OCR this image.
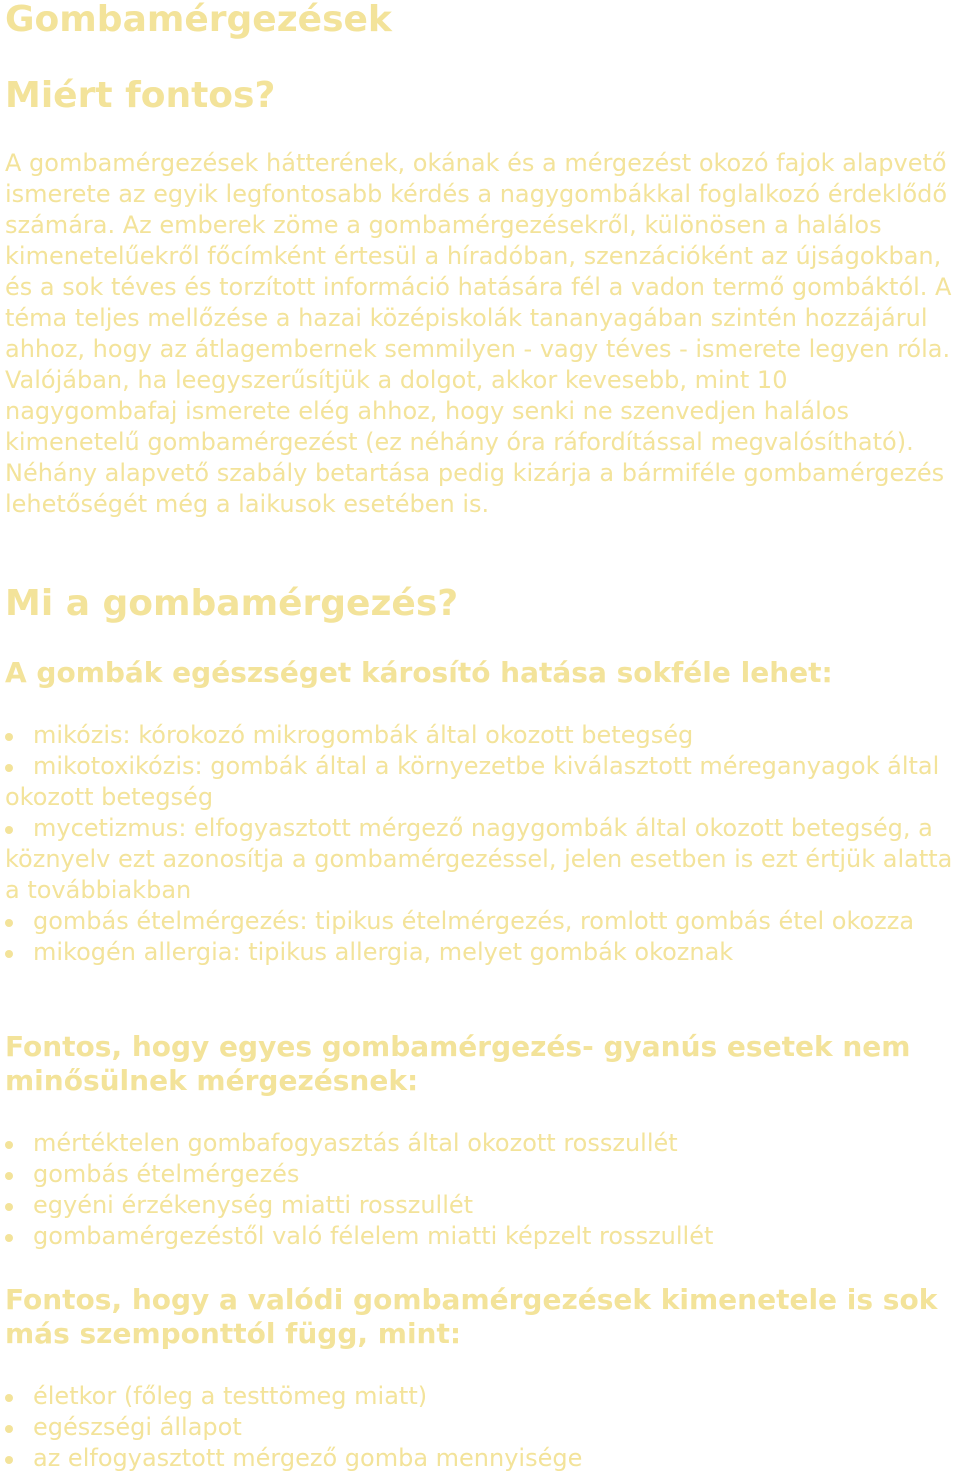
Gombamérgezések
Miért fontos?

A gombamérgezések hátterének, okának és a mérgezést okozó fajok alapvető ismerete az egyik legfontosabb kérdés a nagygombákkal foglalkozó érdeklődő számára. Az emberek zöme a gombamérgezésekről, különösen a halálos kimenetelűekről főcímként értesül a híradóban, szenzációként az újságokban, és a sok téves és torzított információ hatására fél a vadon termő gombáktól. A téma teljes mellőzése a hazai középiskolák tananyagában szintén hozzájárul ahhoz, hogy az átlagembernek semmilyen - vagy téves - ismerete legyen róla. Valójában, ha leegyszerűsítjük a dolgot, akkor kevesebb, mint 10 nagygombafaj ismerete elég ahhoz, hogy senki ne szenvedjen halálos kimenetelű gombamérgezést (ez néhány óra ráfordítással megvalósítható). Néhány alapvető szabály betartása pedig kizárja a bármiféle gombamérgezés lehetőségét még a laikusok esetében is.

Mi a gombamérgezés?
A gombák egészséget károsító hatása sokféle lehet:
mikózis: kórokozó mikrogombák által okozott betegség
mikotoxikózis: gombák által a környezetbe kiválasztott méreganyagok által okozott betegség
mycetizmus: elfogyasztott mérgező nagygombák által okozott betegség, a köznyelv ezt azonosítja a gombamérgezéssel, jelen esetben is ezt értjük alatta a továbbiakban
gombás ételmérgezés: tipikus ételmérgezés, romlott gombás étel okozza
mikogén allergia: tipikus allergia, melyet gombák okoznak
Fontos, hogy egyes gombamérgezés- gyanús esetek nem minősülnek mérgezésnek:
mértéktelen gombafogyasztás által okozott rosszullét
gombás ételmérgezés
egyéni érzékenység miatti rosszullét
gombamérgezéstől való félelem miatti képzelt rosszullét
Fontos, hogy a valódi gombamérgezések kimenetele is sok más szemponttól függ, mint:
életkor (főleg a testtömeg miatt)
egészségi állapot
az elfogyasztott mérgező gomba mennyisége
